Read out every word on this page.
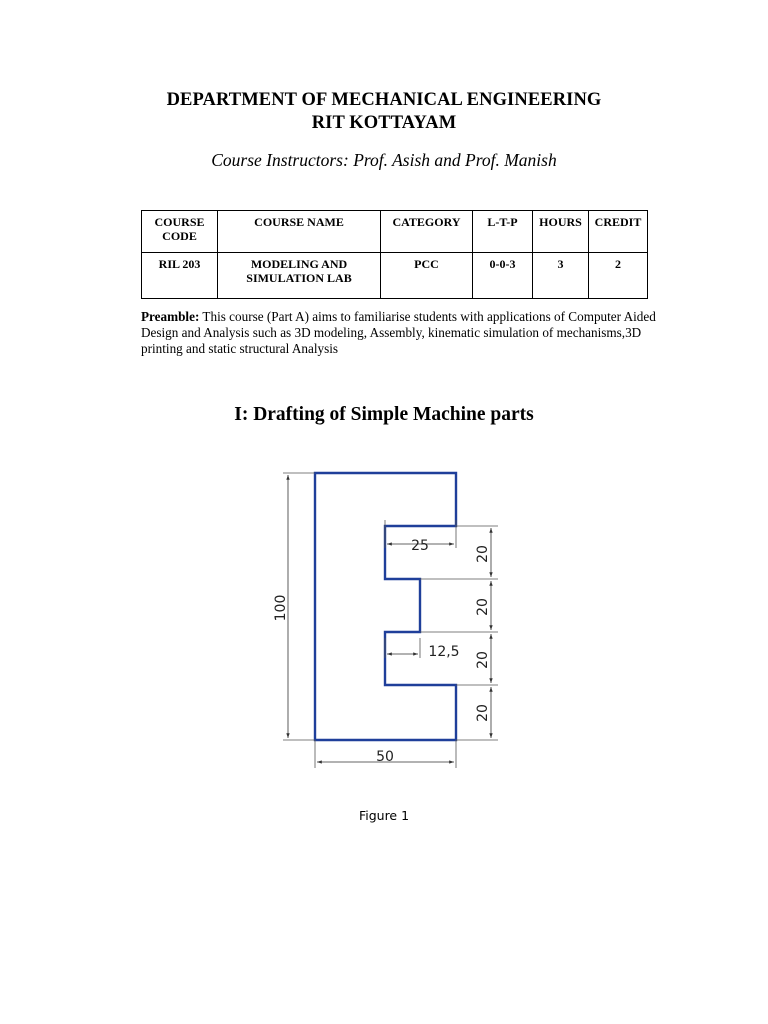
DEPARTMENT OF MECHANICAL ENGINEERING
RIT KOTTAYAM
Course Instructors: Prof. Asish and Prof. Manish
COURSE CODE	COURSE NAME	CATEGORY	L-T-P	HOURS	CREDIT
RIL 203	MODELING AND SIMULATION LAB	PCC	0-0-3	3	2
Preamble: This course (Part A) aims to familiarise students with applications of Computer Aided Design and Analysis such as 3D modeling, Assembly, kinematic simulation of mechanisms,3D printing and static structural Analysis
I: Drafting of Simple Machine parts
100
50
25
12,5
20
20
20
20
Figure 1
